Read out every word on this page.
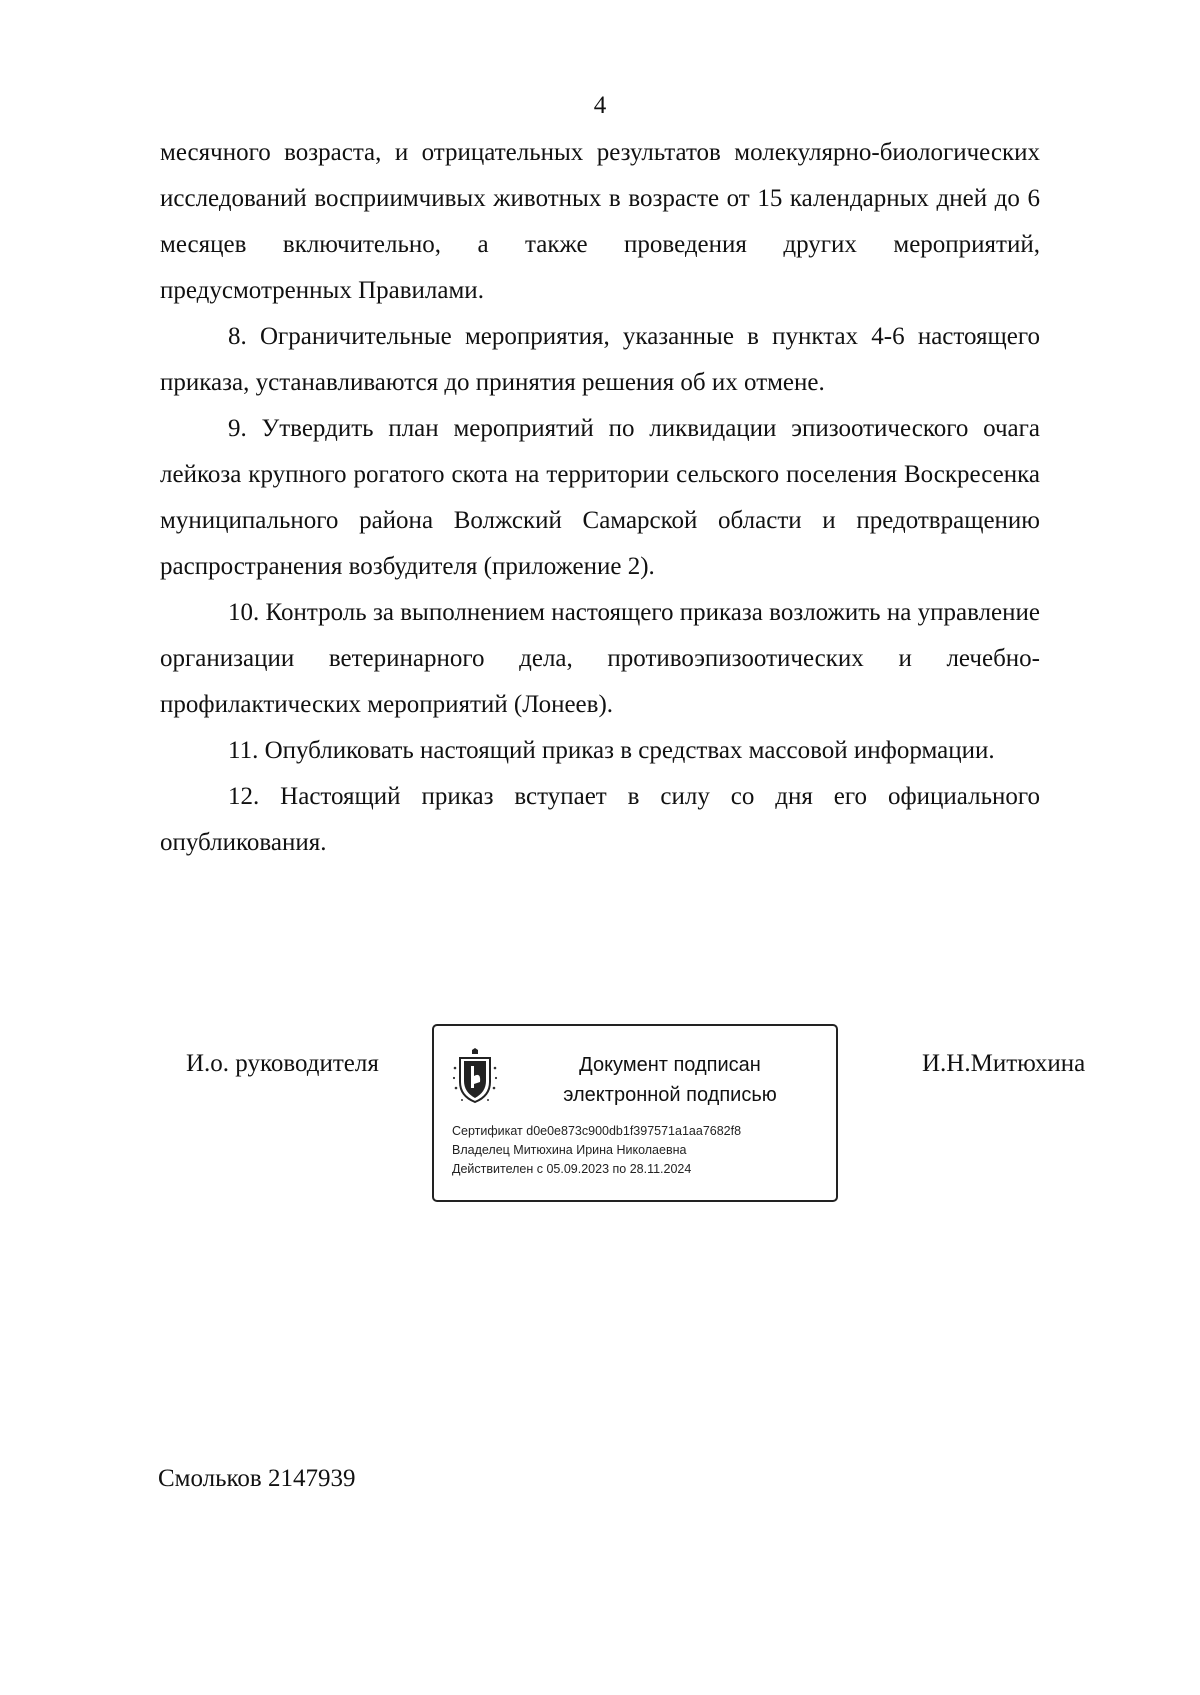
4

месячного возраста, и отрицательных результатов молекулярно-биологических исследований восприимчивых животных в возрасте от 15 календарных дней до 6 месяцев включительно, а также проведения других мероприятий, предусмотренных Правилами.

8. Ограничительные мероприятия, указанные в пунктах 4-6 настоящего приказа, устанавливаются до принятия решения об их отмене.

9. Утвердить план мероприятий по ликвидации эпизоотического очага лейкоза крупного рогатого скота на территории сельского поселения Воскресенка муниципального района Волжский Самарской области и предотвращению распространения возбудителя (приложение 2).

10. Контроль за выполнением настоящего приказа возложить на управление организации ветеринарного дела, противоэпизоотических и лечебно-профилактических мероприятий (Лонеев).

11. Опубликовать настоящий приказ в средствах массовой информации.

12. Настоящий приказ вступает в силу со дня его официального опубликования.

И.о. руководителя	Документ подписан
электронной подписью
Сертификат d0e0e873c900db1f397571a1aa7682f8
Владелец Митюхина Ирина Николаевна
Действителен с 05.09.2023 по 28.11.2024
И.Н.Митюхина
Смольков 2147939
